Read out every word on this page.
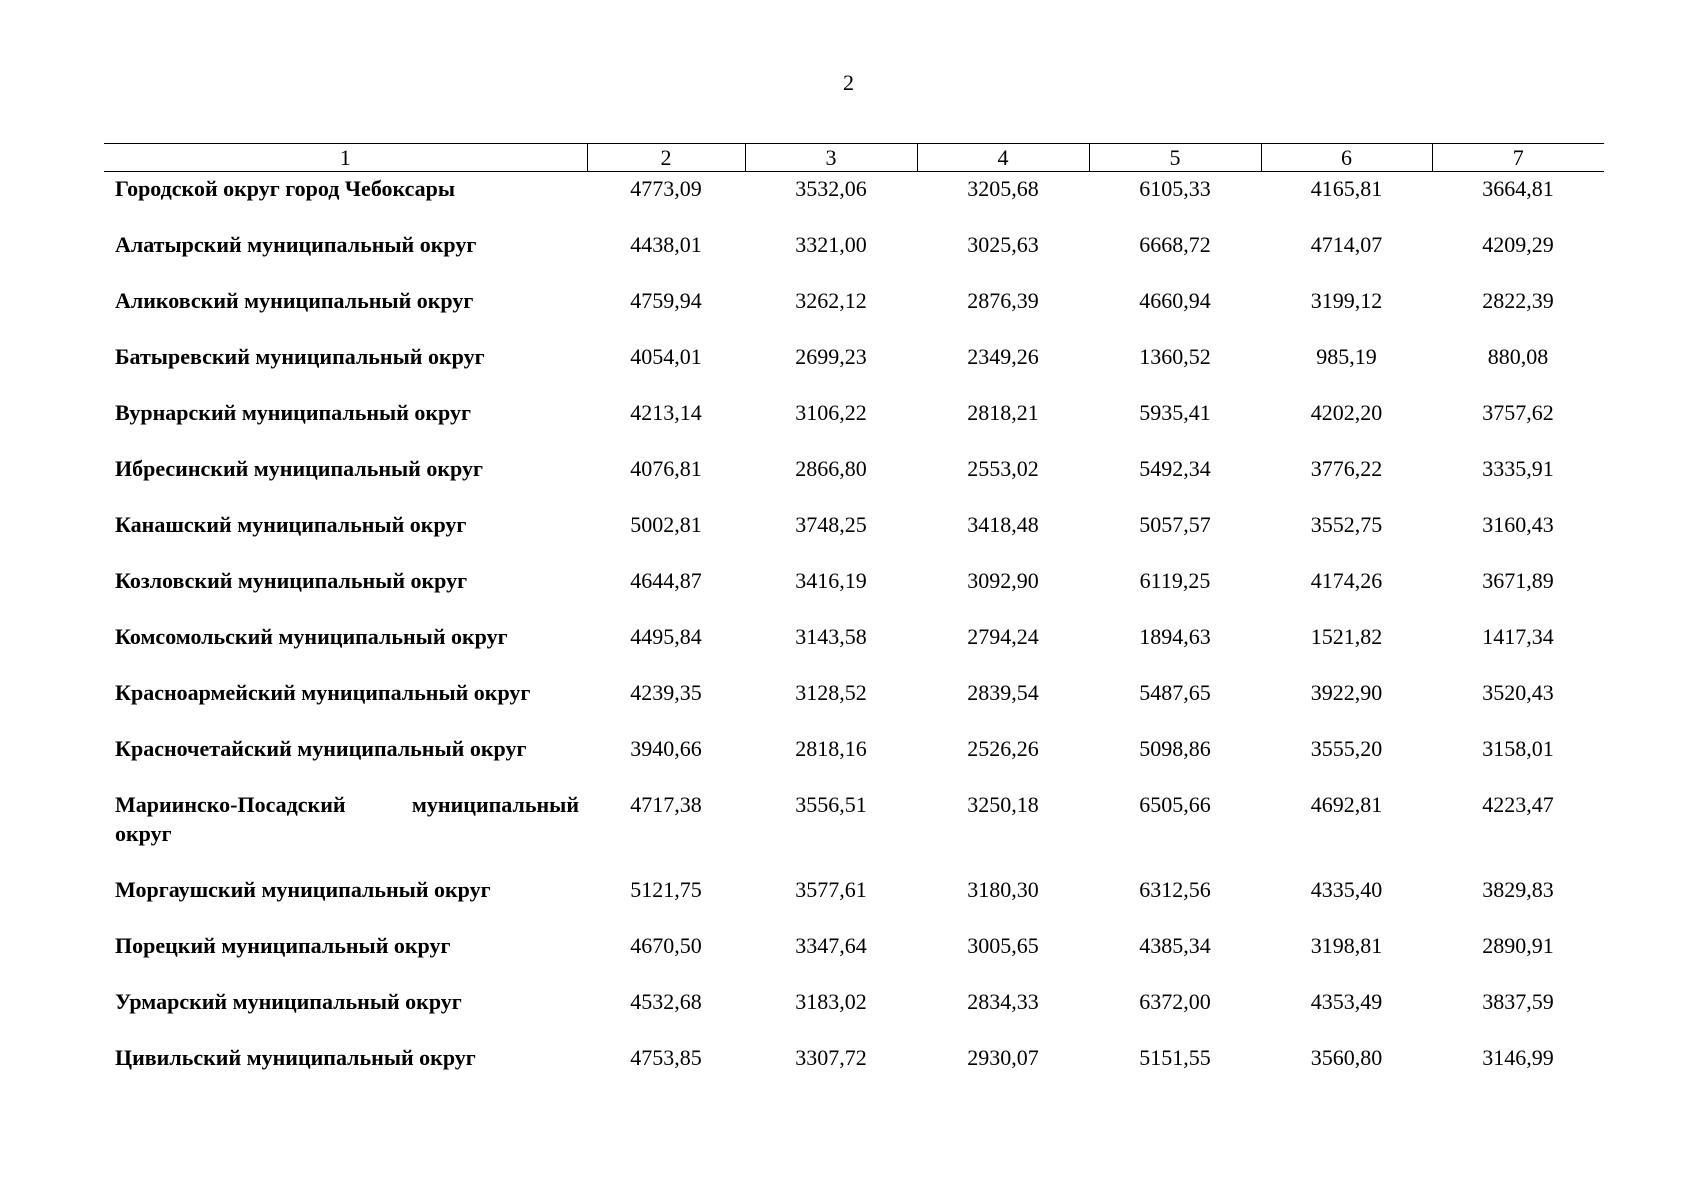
2
1	2	3	4	5	6	7
Городской округ город Чебоксары	4773,09	3532,06	3205,68	6105,33	4165,81	3664,81
Алатырский муниципальный округ	4438,01	3321,00	3025,63	6668,72	4714,07	4209,29
Аликовский муниципальный округ	4759,94	3262,12	2876,39	4660,94	3199,12	2822,39
Батыревский муниципальный округ	4054,01	2699,23	2349,26	1360,52	985,19	880,08
Вурнарский муниципальный округ	4213,14	3106,22	2818,21	5935,41	4202,20	3757,62
Ибресинский муниципальный округ	4076,81	2866,80	2553,02	5492,34	3776,22	3335,91
Канашский муниципальный округ	5002,81	3748,25	3418,48	5057,57	3552,75	3160,43
Козловский муниципальный округ	4644,87	3416,19	3092,90	6119,25	4174,26	3671,89
Комсомольский муниципальный округ	4495,84	3143,58	2794,24	1894,63	1521,82	1417,34
Красноармейский муниципальный округ	4239,35	3128,52	2839,54	5487,65	3922,90	3520,43
Красночетайский муниципальный округ	3940,66	2818,16	2526,26	5098,86	3555,20	3158,01
Мариинско-Посадский муниципальный округ	4717,38	3556,51	3250,18	6505,66	4692,81	4223,47
Моргаушский муниципальный округ	5121,75	3577,61	3180,30	6312,56	4335,40	3829,83
Порецкий муниципальный округ	4670,50	3347,64	3005,65	4385,34	3198,81	2890,91
Урмарский муниципальный округ	4532,68	3183,02	2834,33	6372,00	4353,49	3837,59
Цивильский муниципальный округ	4753,85	3307,72	2930,07	5151,55	3560,80	3146,99
